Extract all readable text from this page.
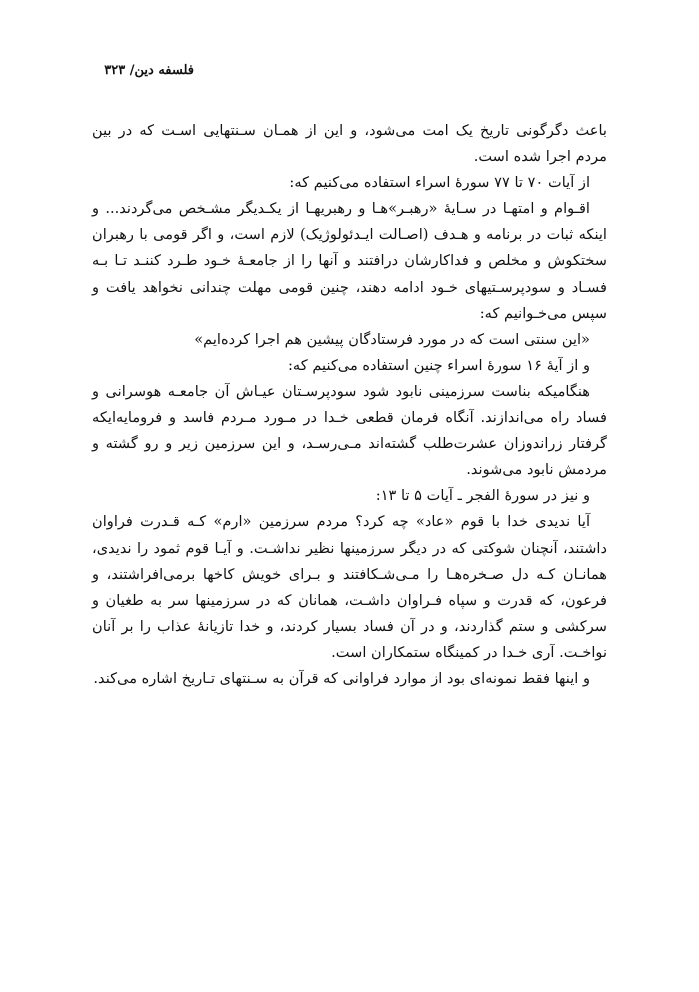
فلسفه دین/ ۳۲۳

باعث دگرگونی تاریخ یک امت می‌شود، و این از همـان سـنتهایی اسـت که در بین مردم اجرا شده است.

از آیات ۷۰ تا ۷۷ سورهٔ اسراء استفاده می‌کنیم که:

اقـوام و امتهـا در سـایهٔ «رهبـر»هـا و رهبریهـا از یکـدیگر مشـخص می‌گردند... و اینکه ثبات در برنامه و هـدف (اصـالت ایـدئولوژیک) لازم است، و اگر قومی با رهبران سختکوش و مخلص و فداکارشان درافتند و آنها را از جامعـهٔ خـود طـرد کننـد تـا بـه فسـاد و سودپرسـتیهای خـود ادامه دهند، چنین قومی مهلت چندانی نخواهد یافت و سپس می‌خـوانیم که:

«این سنتی است که در مورد فرستادگان پیشین هم اجرا کرده‌ایم»

و از آیهٔ ۱۶ سورهٔ اسراء چنین استفاده می‌کنیم که:

هنگامیکه بناست سرزمینی نابود شود سودپرسـتان عیـاش آن جامعـه هوسرانی و فساد راه می‌اندازند. آنگاه فرمان قطعی خـدا در مـورد مـردم فاسد و فرومایه‌ایکه گرفتار زراندوزان عشرت‌طلب گشته‌اند مـی‌رسـد، و این سرزمین زیر و رو گشته و مردمش نابود می‌شوند.

و نیز در سورهٔ الفجر ـ آیات ۵ تا ۱۳:

آیا ندیدی خدا با قوم «عاد» چه کرد؟ مردم سرزمین «ارم» کـه قـدرت فراوان داشتند، آنچنان شوکتی که در دیگر سرزمینها نظیر نداشـت. و آیـا قوم ثمود را ندیدی، همانـان کـه دل صـخره‌هـا را مـی‌شـکافتند و بـرای خویش کاخها برمی‌افراشتند، و فرعون، که قدرت و سپاه فـراوان داشـت، همانان که در سرزمینها سر به طغیان و سرکشی و ستم گذاردند، و در آن فساد بسیار کردند، و خدا تازیانهٔ عذاب را بر آنان نواخـت. آری خـدا در کمینگاه ستمکاران است.

و اینها فقط نمونه‌ای بود از موارد فراوانی که قرآن به سـنتهای تـاریخ اشاره می‌کند.
